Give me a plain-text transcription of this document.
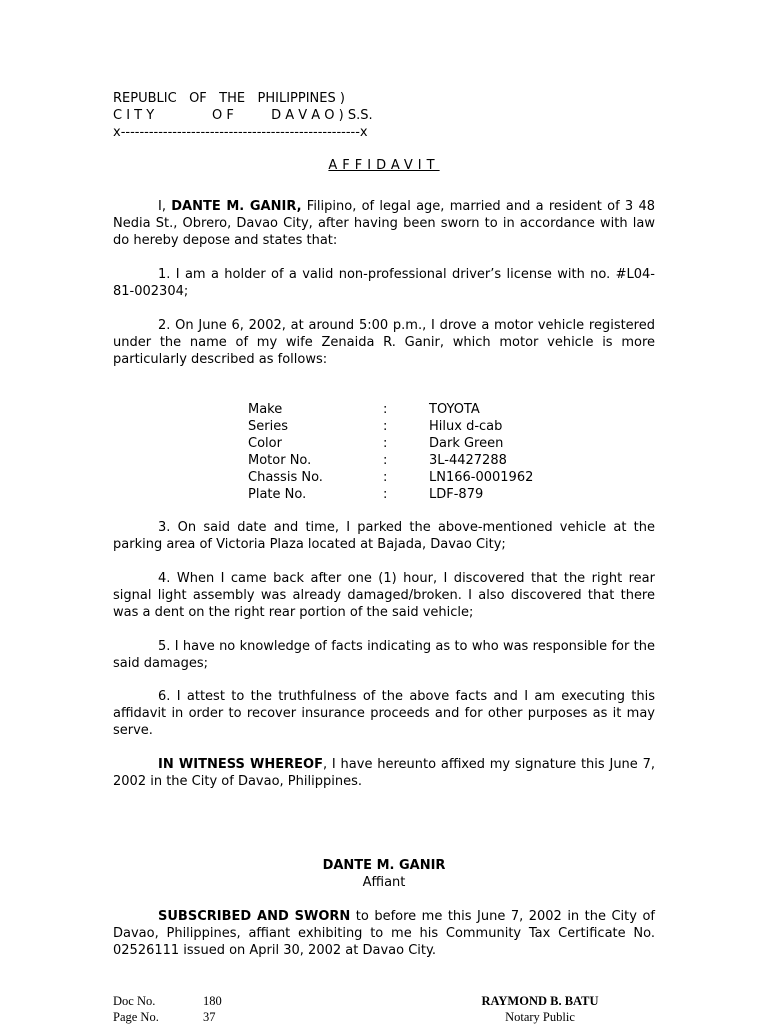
REPUBLIC   OF   THE   PHILIPPINES )
C I T Y              O F         D A V A O ) S.S.
x---------------------------------------------------x
AFFIDAVIT

I, DANTE M. GANIR, Filipino, of legal age, married and a resident of 3 48 Nedia St., Obrero, Davao City, after having been sworn to in accordance with law do hereby depose and states that:

1. I am a holder of a valid non-professional driver’s license with no. #L04-81-002304;

2. On June 6, 2002, at around 5:00 p.m., I drove a motor vehicle registered under the name of my wife Zenaida R. Ganir, which motor vehicle is more particularly described as follows:

Make	:	TOYOTA
Series	:	Hilux d-cab
Color	:	Dark Green
Motor No.	:	3L-4427288
Chassis No.	:	LN166-0001962
Plate No.	:	LDF-879

3. On said date and time, I parked the above-mentioned vehicle at the parking area of Victoria Plaza located at Bajada, Davao City;

4. When I came back after one (1) hour, I discovered that the right rear signal light assembly was already damaged/broken. I also discovered that there was a dent on the right rear portion of the said vehicle;

5. I have no knowledge of facts indicating as to who was responsible for the said damages;

6. I attest to the truthfulness of the above facts and I am executing this affidavit in order to recover insurance proceeds and for other purposes as it may serve.

IN WITNESS WHEREOF, I have hereunto affixed my signature this June 7, 2002 in the City of Davao, Philippines.

DANTE M. GANIR
Affiant

SUBSCRIBED AND SWORN to before me this June 7, 2002 in the City of Davao, Philippines, affiant exhibiting to me his Community Tax Certificate No. 02526111 issued on April 30, 2002 at Davao City.

Doc No.	180
Page No.	37
RAYMOND B. BATU
Notary Public
